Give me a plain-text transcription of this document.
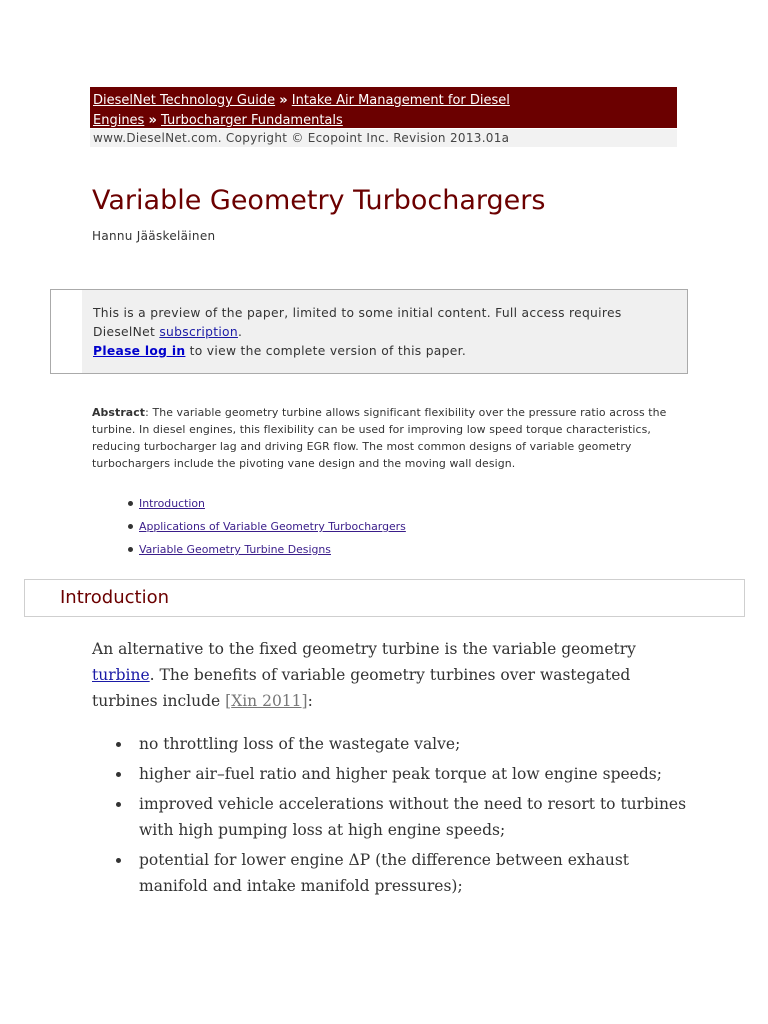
DieselNet Technology Guide » Intake Air Management for Diesel
Engines » Turbocharger Fundamentals
www.DieselNet.com. Copyright © Ecopoint Inc. Revision 2013.01a
Variable Geometry Turbochargers
Hannu Jääskeläinen
This is a preview of the paper, limited to some initial content. Full access requires
DieselNet subscription.
Please log in to view the complete version of this paper.
Abstract: The variable geometry turbine allows significant flexibility over the pressure ratio across the turbine. In diesel engines, this flexibility can be used for improving low speed torque characteristics, reducing turbocharger lag and driving EGR flow. The most common designs of variable geometry turbochargers include the pivoting vane design and the moving wall design.
Introduction
Applications of Variable Geometry Turbochargers
Variable Geometry Turbine Designs
Introduction
An alternative to the fixed geometry turbine is the variable geometry turbine. The benefits of variable geometry turbines over wastegated turbines include [Xin 2011]:
no throttling loss of the wastegate valve;
higher air–fuel ratio and higher peak torque at low engine speeds;
improved vehicle accelerations without the need to resort to turbines with high pumping loss at high engine speeds;
potential for lower engine ΔP (the difference between exhaust manifold and intake manifold pressures);
